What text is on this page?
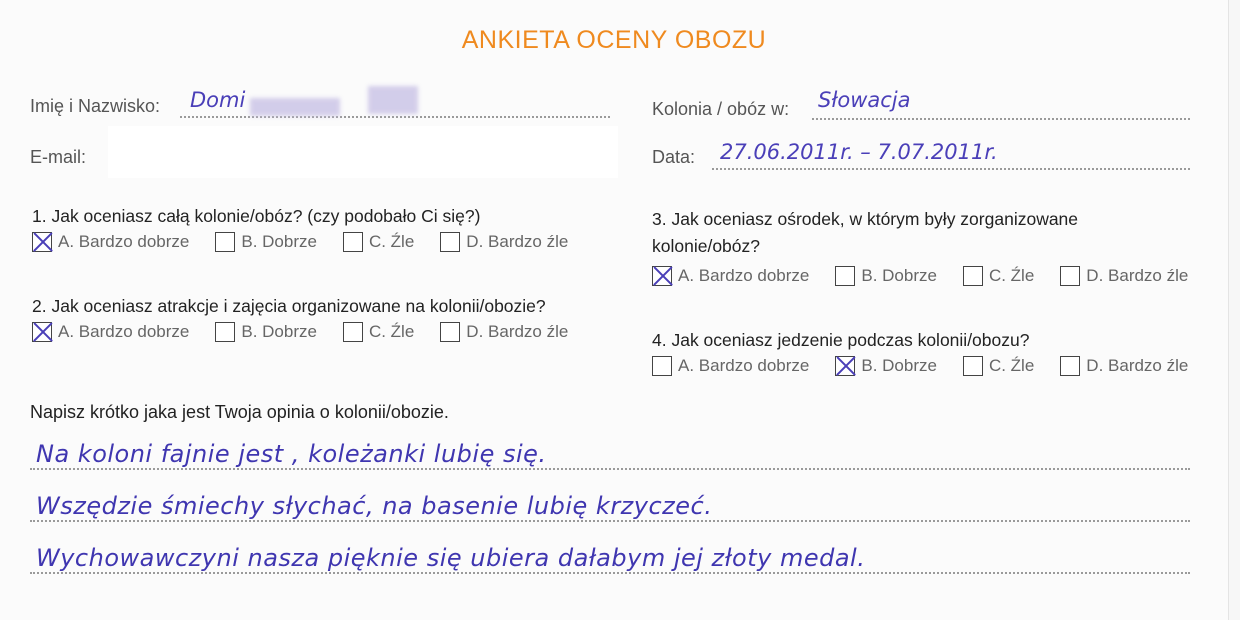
ANKIETA OCENY OBOZU
Imię i Nazwisko: Domi
E-mail:
Kolonia / obóz w: Słowacja
Data: 27.06.2011r. – 7.07.2011r.
1. Jak oceniasz całą kolonie/obóz? (czy podobało Ci się?)
A. Bardzo dobrze	B. Dobrze	C. Źle	D. Bardzo źle
2. Jak oceniasz atrakcje i zajęcia organizowane na kolonii/obozie?
A. Bardzo dobrze	B. Dobrze	C. Źle	D. Bardzo źle
3. Jak oceniasz ośrodek, w którym były zorganizowane
kolonie/obóz?
A. Bardzo dobrze	B. Dobrze	C. Źle	D. Bardzo źle
4. Jak oceniasz jedzenie podczas kolonii/obozu?
A. Bardzo dobrze	B. Dobrze	C. Źle	D. Bardzo źle
Napisz krótko jaka jest Twoja opinia o kolonii/obozie.
Na koloni fajnie jest , koleżanki lubię się.
Wszędzie śmiechy słychać, na basenie lubię krzyczeć.
Wychowawczyni nasza pięknie się ubiera dałabym jej złoty medal.
